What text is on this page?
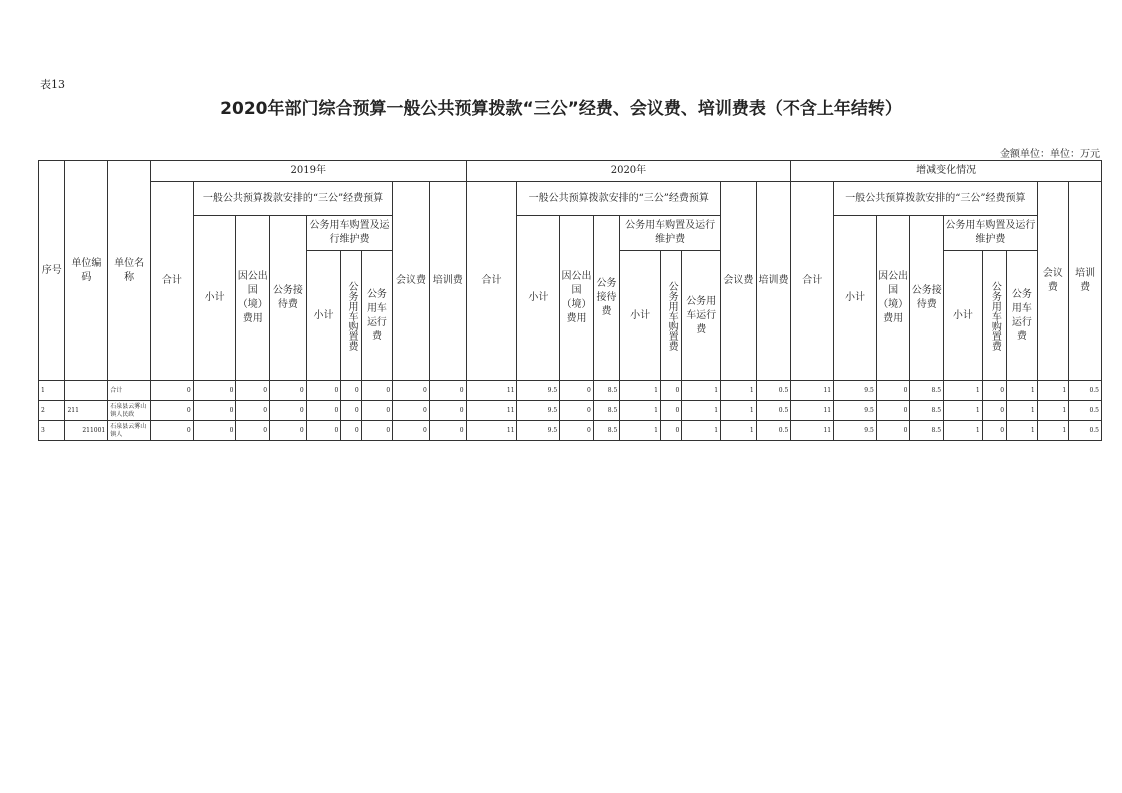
表13
2020年部门综合预算一般公共预算拨款“三公”经费、会议费、培训费表（不含上年结转）
金额单位：单位：万元
序号	单位编码	单位名称	2019年									2020年									增减变化情况								
			合计	一般公共预算拨款安排的“三公”经费预算						会议费	培训费	合计	一般公共预算拨款安排的“三公”经费预算						会议费	培训费	合计	一般公共预算拨款安排的“三公”经费预算						会议费	培训费
				小计	因公出国（境）费用	公务接待费	公务用车购置及运行维护费						小计	因公出国（境）费用	公务接待费	公务用车购置及运行维护费						小计	因公出国（境）费用	公务接待费	公务用车购置及运行维护费				
							小计	公务用车购置费	公务用车运行费							小计	公务用车购置费	公务用车运行费							小计	公务用车购置费	公务用车运行费		
1		合计	0	0	0	0	0	0	0	0	0	11	9.5	0	8.5	1	0	1	1	0.5	11	9.5	0	8.5	1	0	1	1	0.5
2	211	石泉县云雾山镇人民政	0	0	0	0	0	0	0	0	0	11	9.5	0	8.5	1	0	1	1	0.5	11	9.5	0	8.5	1	0	1	1	0.5
3	211001	石泉县云雾山镇人	0	0	0	0	0	0	0	0	0	11	9.5	0	8.5	1	0	1	1	0.5	11	9.5	0	8.5	1	0	1	1	0.5
